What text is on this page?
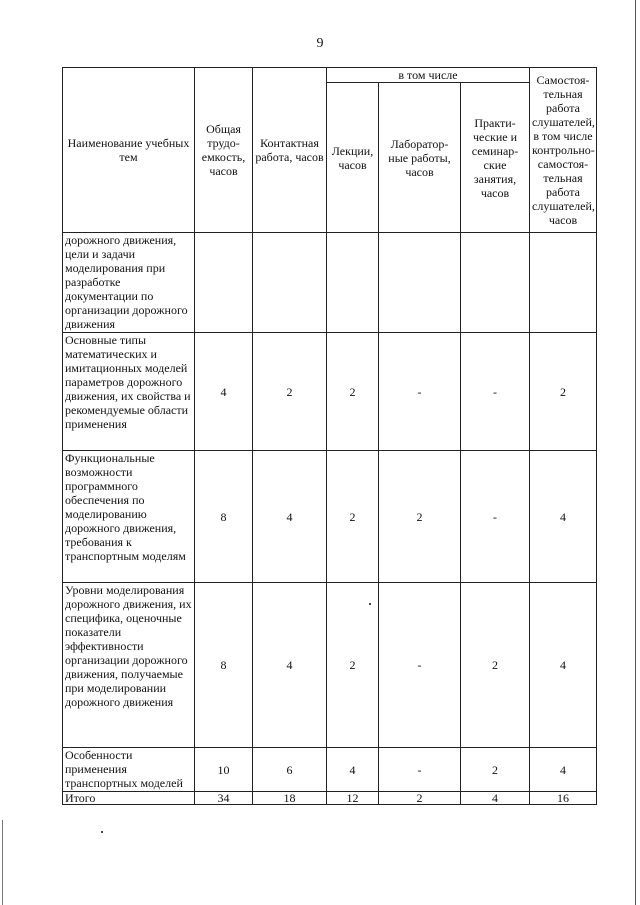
9
Наименование учебных тем	Общая трудо-емкость, часов	Контактная работа, часов	в том числе			Самостоя-тельная работа слушателей, в том числе контрольно-самостоя-тельная работа слушателей, часов
			Лекции, часов	Лаборатор-ные работы, часов	Практи-ческие и семинар-ские занятия, часов	
дорожного движения, цели и задачи моделирования при разработке документации по организации дорожного движения						
Основные типы математических и имитационных моделей параметров дорожного движения, их свойства и рекомендуемые области применения	4	2	2	-	-	2
Функциональные возможности программного обеспечения по моделированию дорожного движения, требования к транспортным моделям	8	4	2	2	-	4
Уровни моделирования дорожного движения, их специфика, оценочные показатели эффективности организации дорожного движения, получаемые при моделировании дорожного движения	8	4	2	-	2	4
Особенности применения транспортных моделей	10	6	4	-	2	4
Итого	34	18	12	2	4	16
